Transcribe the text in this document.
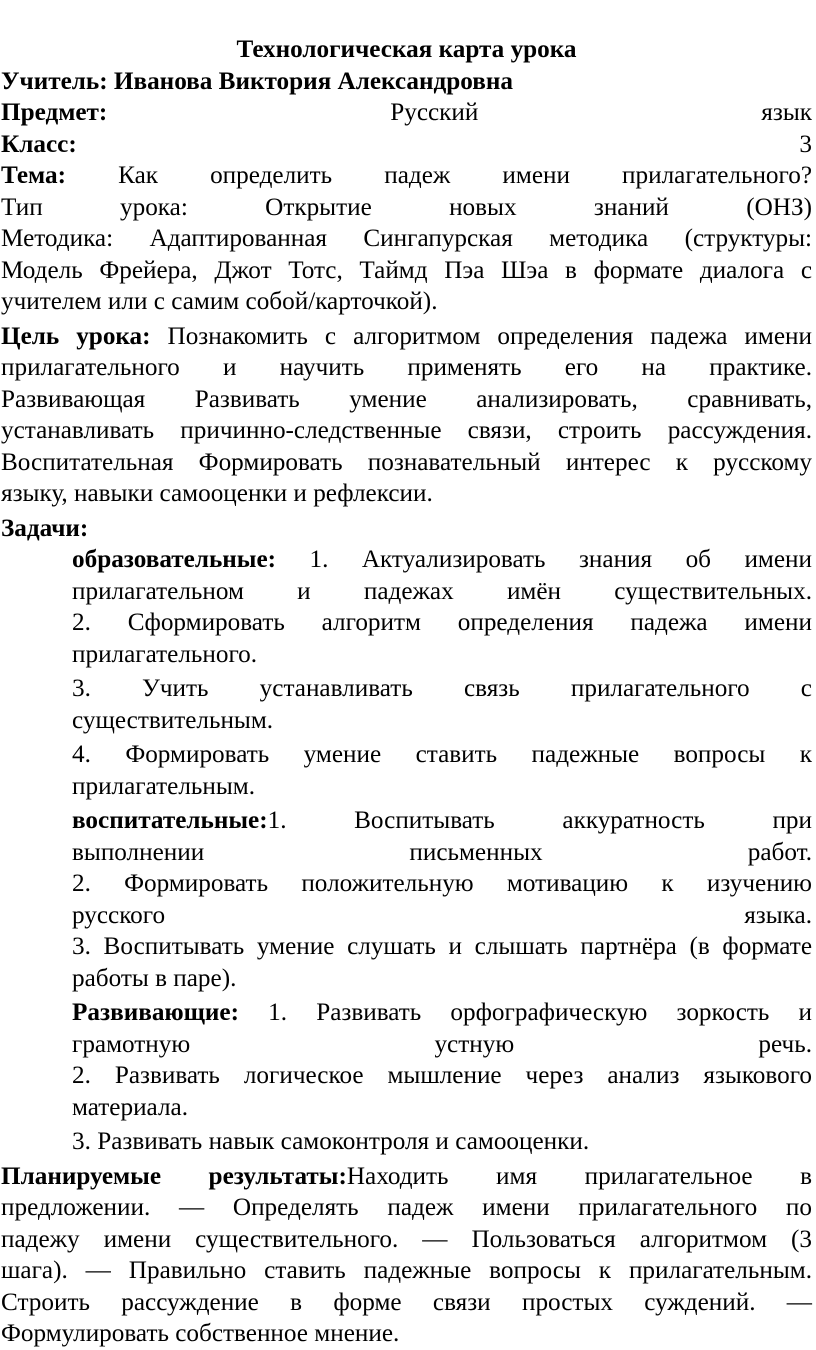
Технологическая карта урока

Учитель: Иванова Виктория Александровна

Предмет:	Русский	язык

Класс:	3

Тема: Как определить падеж имени прилагательного?

Тип урока: Открытие новых знаний (ОНЗ)

Методика: Адаптированная Сингапурская методика (структуры:

Модель Фрейера, Джот Тотс, Таймд Пэа Шэа в формате диалога с

учителем или с самим собой/карточкой).

Цель урока: Познакомить с алгоритмом определения падежа имени

прилагательного и научить применять его на практике.

Развивающая Развивать умение анализировать, сравнивать,

устанавливать причинно-следственные связи, строить рассуждения.

Воспитательная Формировать познавательный интерес к русскому

языку, навыки самооценки и рефлексии.

Задачи:

образовательные: 1. Актуализировать знания об имени

прилагательном и падежах имён существительных.

2. Сформировать алгоритм определения падежа имени

прилагательного.

3. Учить устанавливать связь прилагательного с

существительным.

4. Формировать умение ставить падежные вопросы к

прилагательным.

воспитательные:1. Воспитывать аккуратность при

выполнении письменных работ.

2. Формировать положительную мотивацию к изучению

русского языка.

3. Воспитывать умение слушать и слышать партнёра (в формате

работы в паре).

Развивающие: 1. Развивать орфографическую зоркость и

грамотную устную речь.

2. Развивать логическое мышление через анализ языкового

материала.

3. Развивать навык самоконтроля и самооценки.

Планируемые результаты:Находить имя прилагательное в

предложении. — Определять падеж имени прилагательного по

падежу имени существительного. — Пользоваться алгоритмом (3

шага). — Правильно ставить падежные вопросы к прилагательным.

Строить рассуждение в форме связи простых суждений. —

Формулировать собственное мнение.
